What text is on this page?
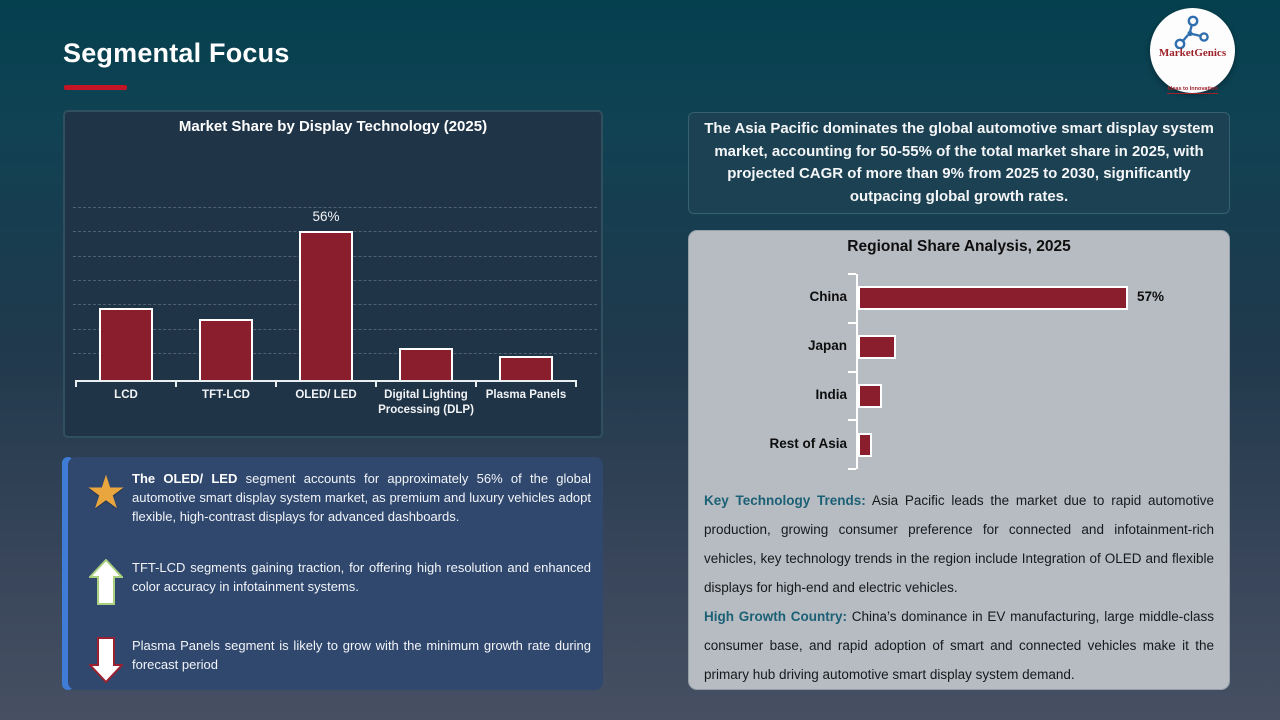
Segmental Focus	MarketGenics

Ideas to Innovation
Market Share by Display Technology (2025)
LCD	TFT-LCD	OLED/ LED
56%
Digital Lighting Processing (DLP)
Plasma Panels
★ The OLED/ LED segment accounts for approximately 56% of the global automotive smart display system market, as premium and luxury vehicles adopt flexible, high-contrast displays for advanced dashboards.
TFT-LCD segments gaining traction, for offering high resolution and enhanced color accuracy in infotainment systems.
Plasma Panels segment is likely to grow with the minimum growth rate during forecast period

The Asia Pacific dominates the global automotive smart display system market, accounting for 50-55% of the total market share in 2025, with projected CAGR of more than 9% from 2025 to 2030, significantly outpacing global growth rates.

Regional Share Analysis, 2025
China	57%
Japan
India
Rest of Asia

Key Technology Trends: Asia Pacific leads the market due to rapid automotive production, growing consumer preference for connected and infotainment-rich vehicles, key technology trends in the region include Integration of OLED and flexible displays for high-end and electric vehicles.

High Growth Country: China’s dominance in EV manufacturing, large middle-class consumer base, and rapid adoption of smart and connected vehicles make it the primary hub driving automotive smart display system demand.
